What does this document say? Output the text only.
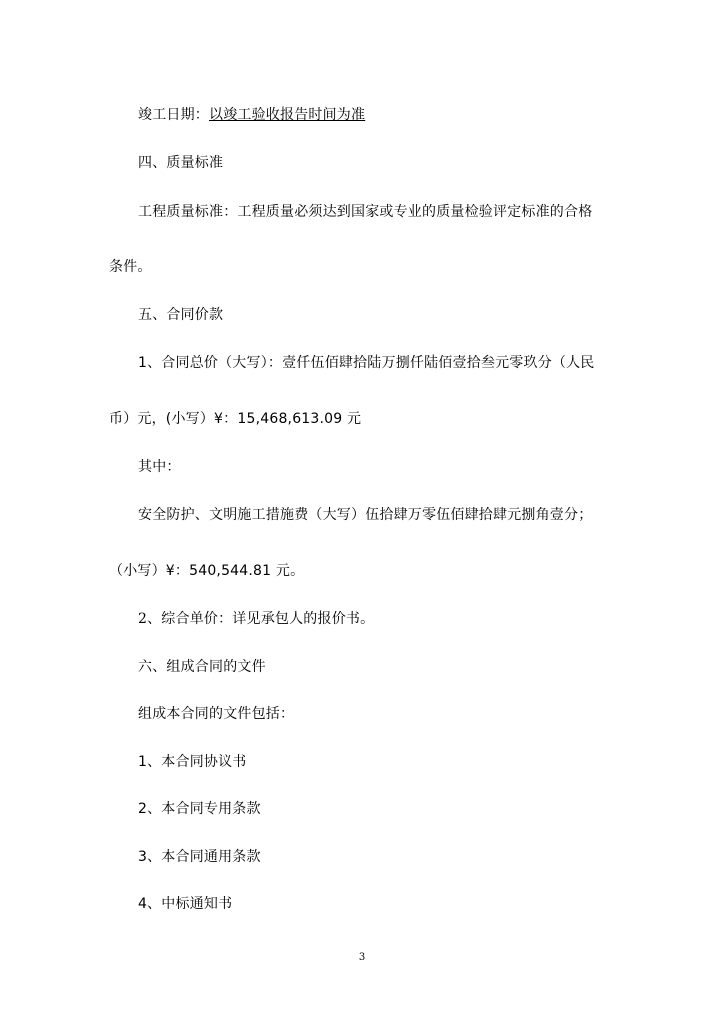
竣工日期：以竣工验收报告时间为准
四、质量标准
工程质量标准：工程质量必须达到国家或专业的质量检验评定标准的合格
条件。
五、合同价款
1、合同总价（大写）：壹仟伍佰肆拾陆万捌仟陆佰壹拾叁元零玖分（人民
币）元，(小写）¥：15,468,613.09 元
其中：
安全防护、文明施工措施费（大写）伍拾肆万零伍佰肆拾肆元捌角壹分；
（小写）¥：540,544.81 元。
2、综合单价：详见承包人的报价书。
六、组成合同的文件
组成本合同的文件包括：
1、本合同协议书
2、本合同专用条款
3、本合同通用条款
4、中标通知书
3
